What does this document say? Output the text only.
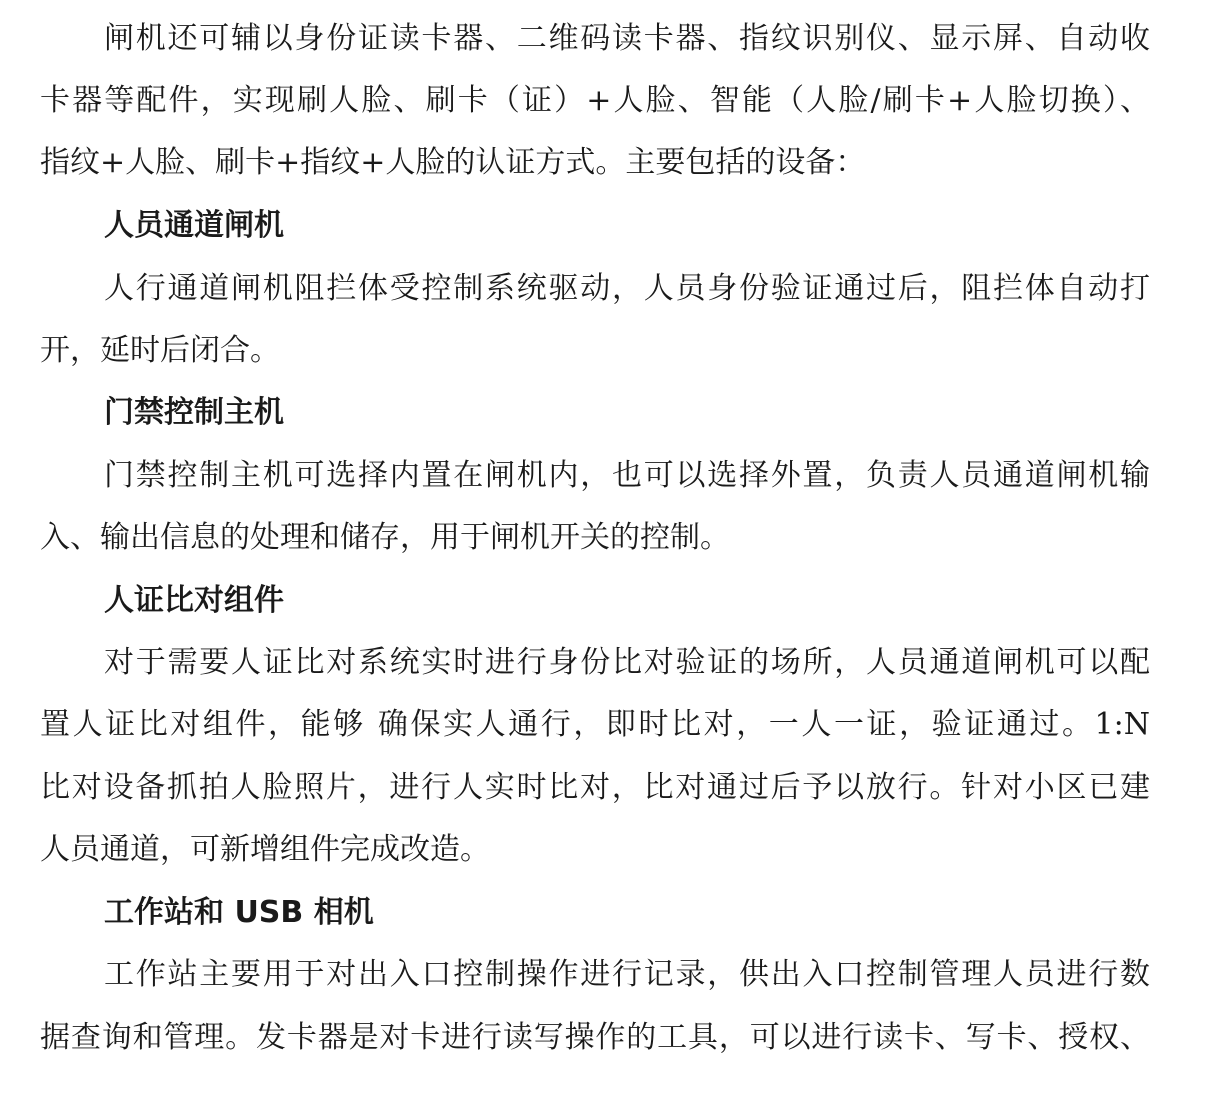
闸机还可辅以身份证读卡器、二维码读卡器、指纹识别仪、显示屏、自动收
卡器等配件，实现刷人脸、刷卡（证）+人脸、智能（人脸/刷卡+人脸切换）、
指纹+人脸、刷卡+指纹+人脸的认证方式。主要包括的设备：
人员通道闸机
人行通道闸机阻拦体受控制系统驱动，人员身份验证通过后，阻拦体自动打
开，延时后闭合。
门禁控制主机
门禁控制主机可选择内置在闸机内，也可以选择外置，负责人员通道闸机输
入、输出信息的处理和储存，用于闸机开关的控制。
人证比对组件
对于需要人证比对系统实时进行身份比对验证的场所，人员通道闸机可以配
置人证比对组件，能够 确保实人通行，即时比对，一人一证，验证通过。1:N
比对设备抓拍人脸照片，进行人实时比对，比对通过后予以放行。针对小区已建
人员通道，可新增组件完成改造。
工作站和 USB 相机
工作站主要用于对出入口控制操作进行记录，供出入口控制管理人员进行数
据查询和管理。发卡器是对卡进行读写操作的工具，可以进行读卡、写卡、授权、
